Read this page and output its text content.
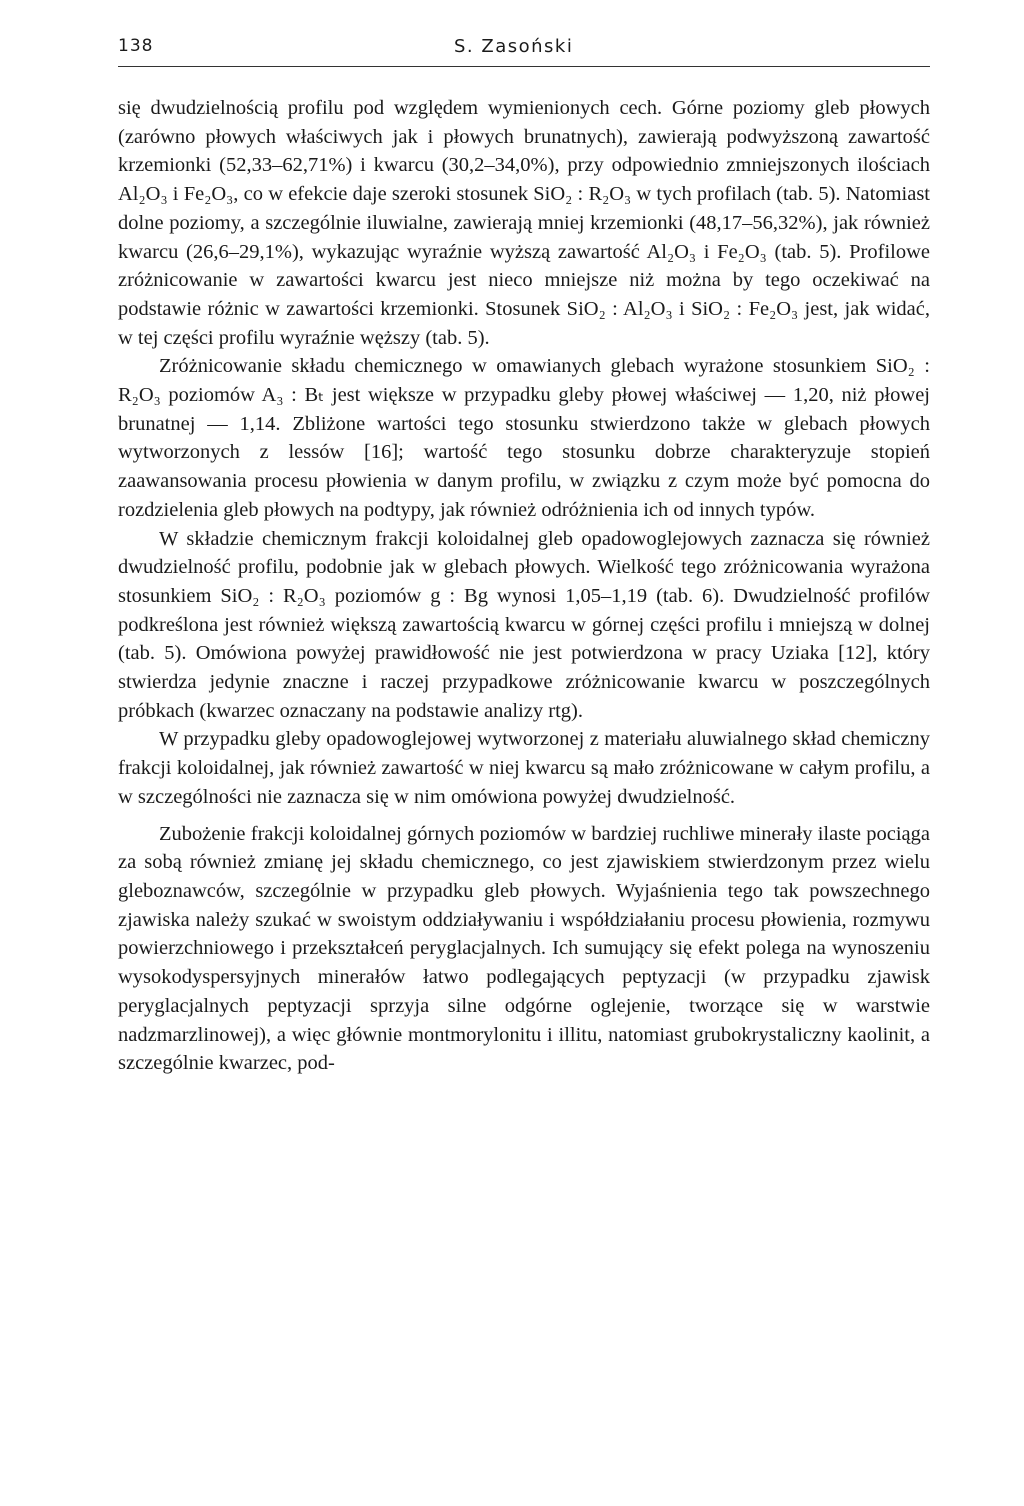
138	S. Zasoński

się dwudzielnością profilu pod względem wymienionych cech. Górne poziomy gleb płowych (zarówno płowych właściwych jak i płowych brunatnych), zawierają podwyższoną zawartość krzemionki (52,33–62,71%) i kwarcu (30,2–34,0%), przy odpowiednio zmniejszonych ilościach Al₂O₃ i Fe₂O₃, co w efekcie daje szeroki stosunek SiO₂ : R₂O₃ w tych profilach (tab. 5). Natomiast dolne poziomy, a szczególnie iluwialne, zawierają mniej krzemionki (48,17–56,32%), jak również kwarcu (26,6–29,1%), wykazując wyraźnie wyższą zawartość Al₂O₃ i Fe₂O₃ (tab. 5). Profilowe zróżnicowanie w zawartości kwarcu jest nieco mniejsze niż można by tego oczekiwać na podstawie różnic w zawartości krzemionki. Stosunek SiO₂ : Al₂O₃ i SiO₂ : Fe₂O₃ jest, jak widać, w tej części profilu wyraźnie węższy (tab. 5).

Zróżnicowanie składu chemicznego w omawianych glebach wyrażone stosunkiem SiO₂ : R₂O₃ poziomów A₃ : Bₜ jest większe w przypadku gleby płowej właściwej — 1,20, niż płowej brunatnej — 1,14. Zbliżone wartości tego stosunku stwierdzono także w glebach płowych wytworzonych z lessów [16]; wartość tego stosunku dobrze charakteryzuje stopień zaawansowania procesu płowienia w danym profilu, w związku z czym może być pomocna do rozdzielenia gleb płowych na podtypy, jak również odróżnienia ich od innych typów.

W składzie chemicznym frakcji koloidalnej gleb opadowoglejowych zaznacza się również dwudzielność profilu, podobnie jak w glebach płowych. Wielkość tego zróżnicowania wyrażona stosunkiem SiO₂ : R₂O₃ poziomów g : Bg wynosi 1,05–1,19 (tab. 6). Dwudzielność profilów podkreślona jest również większą zawartością kwarcu w górnej części profilu i mniejszą w dolnej (tab. 5). Omówiona powyżej prawidłowość nie jest potwierdzona w pracy Uziaka [12], który stwierdza jedynie znaczne i raczej przypadkowe zróżnicowanie kwarcu w poszczególnych próbkach (kwarzec oznaczany na podstawie analizy rtg).

W przypadku gleby opadowoglejowej wytworzonej z materiału aluwialnego skład chemiczny frakcji koloidalnej, jak również zawartość w niej kwarcu są mało zróżnicowane w całym profilu, a w szczególności nie zaznacza się w nim omówiona powyżej dwudzielność.

Zubożenie frakcji koloidalnej górnych poziomów w bardziej ruchliwe minerały ilaste pociąga za sobą również zmianę jej składu chemicznego, co jest zjawiskiem stwierdzonym przez wielu gleboznawców, szczególnie w przypadku gleb płowych. Wyjaśnienia tego tak powszechnego zjawiska należy szukać w swoistym oddziaływaniu i współdziałaniu procesu płowienia, rozmywu powierzchniowego i przekształceń peryglacjalnych. Ich sumujący się efekt polega na wynoszeniu wysokodyspersyjnych minerałów łatwo podlegających peptyzacji (w przypadku zjawisk peryglacjalnych peptyzacji sprzyja silne odgórne oglejenie, tworzące się w warstwie nadzmarzlinowej), a więc głównie montmorylonitu i illitu, natomiast grubokrystaliczny kaolinit, a szczególnie kwarzec, pod-
